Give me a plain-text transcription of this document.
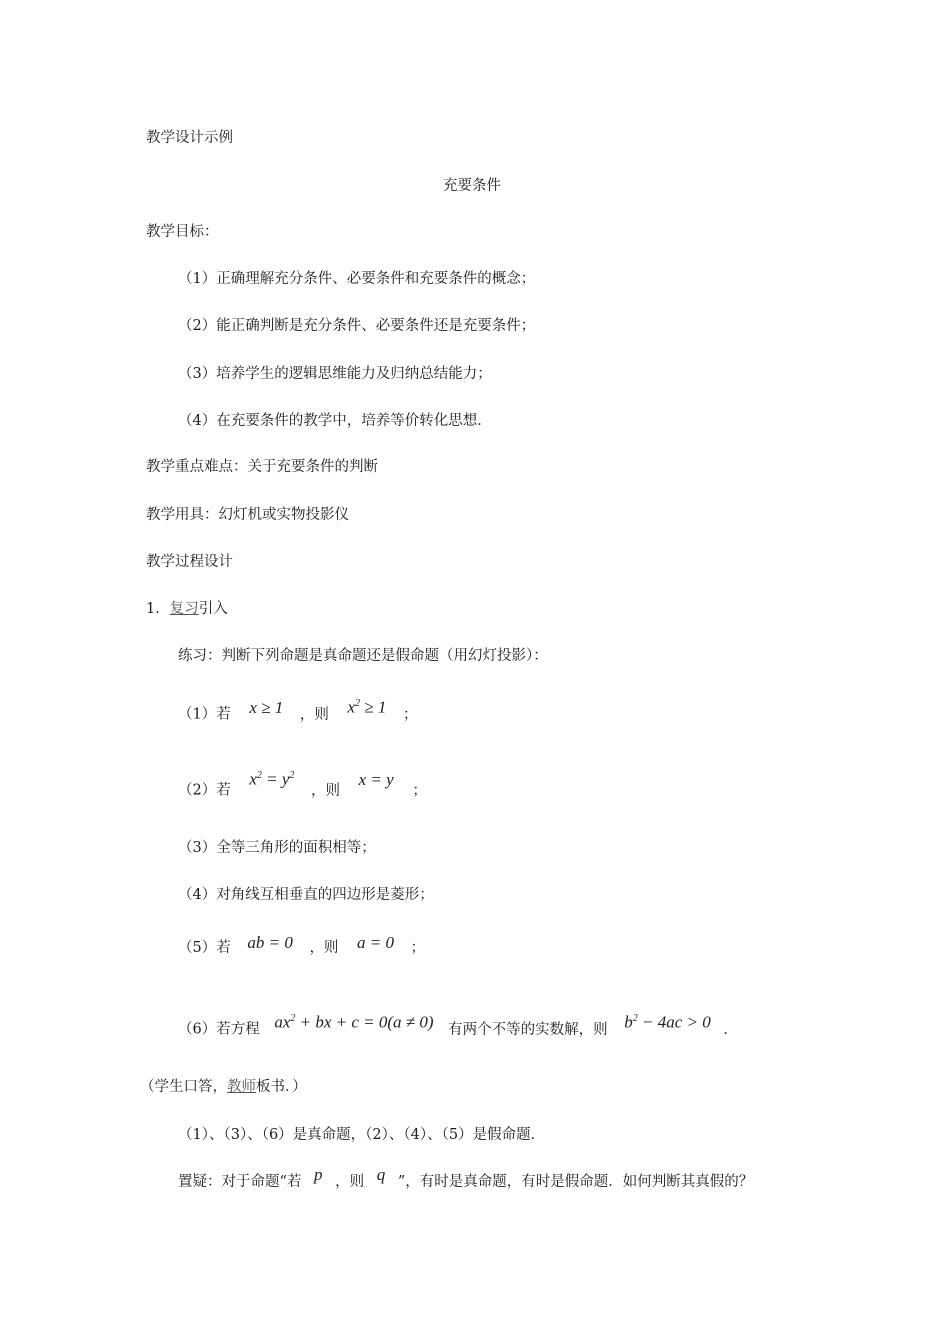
教学设计示例
充要条件
教学目标：
（1）正确理解充分条件、必要条件和充要条件的概念；
（2）能正确判断是充分条件、必要条件还是充要条件；
（3）培养学生的逻辑思维能力及归纳总结能力；
（4）在充要条件的教学中，培养等价转化思想．
教学重点难点：关于充要条件的判断
教学用具：幻灯机或实物投影仪
教学过程设计
1．复习引入
练习：判断下列命题是真命题还是假命题（用幻灯投影）：
（1）若 x ≥ 1 ，则 $x^2 \ge 1$ ；
（2）若 $x^2 = y^2$ ，则 x = y ；
（3）全等三角形的面积相等；
（4）对角线互相垂直的四边形是菱形；
（5）若 ab = 0 ，则 a = 0 ；
（6）若方程 $ax^2$ + bx + c = 0(a ≠ 0) 有两个不等的实数解，则 $b^2 - 4ac > 0$ ．
（学生口答，教师板书．）
（1）、（3）、（6）是真命题，（2）、（4）、（5）是假命题．
置疑：对于命题“若 p ，则 q ”，有时是真命题，有时是假命题．如何判断其真假的？
